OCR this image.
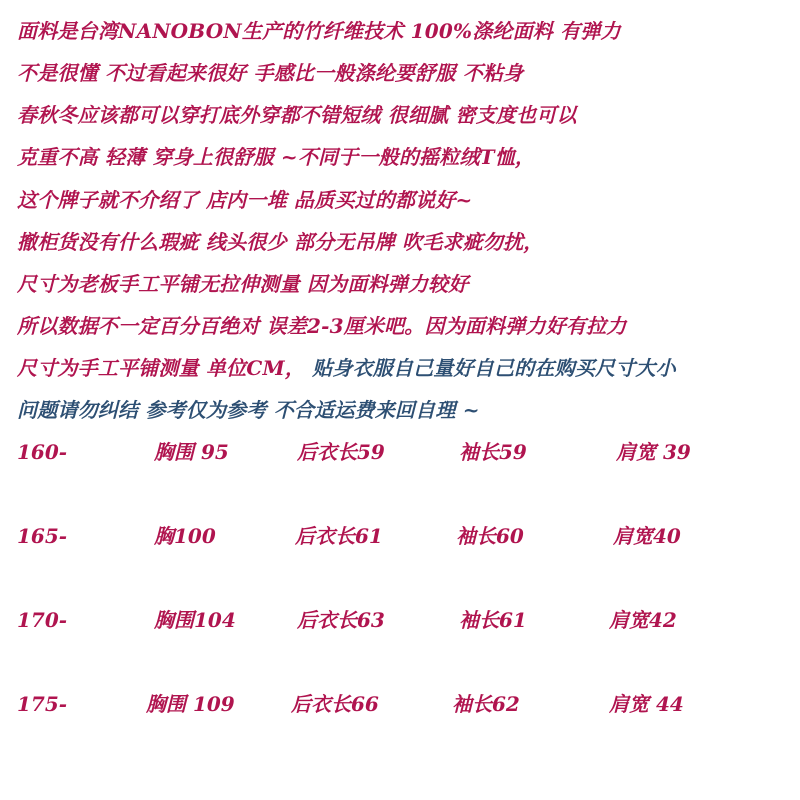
面料是台湾NANOBON生产的竹纤维技术 100%涤纶面料 有弹力
不是很懂 不过看起来很好 手感比一般涤纶要舒服 不粘身
春秋冬应该都可以穿打底外穿都不错短绒 很细腻 密支度也可以
克重不高 轻薄 穿身上很舒服 ~不同于一般的摇粒绒T恤，
这个牌子就不介绍了 店内一堆 品质买过的都说好~
撤柜货没有什么瑕疵 线头很少 部分无吊牌 吹毛求疵勿扰，
尺寸为老板手工平铺无拉伸测量 因为面料弹力较好
所以数据不一定百分百绝对 误差2-3厘米吧。因为面料弹力好有拉力
尺寸为手工平铺测量 单位CM， 贴身衣服自己量好自己的在购买尺寸大小
问题请勿纠结 参考仅为参考 不合适运费来回自理 ~
160-	胸围 95	后衣长59	袖长59	肩宽 39
165-	胸100	后衣长61	袖长60	肩宽40
170-	胸围104	后衣长63	袖长61	肩宽42
175-	胸围 109	后衣长66	袖长62	肩宽 44
